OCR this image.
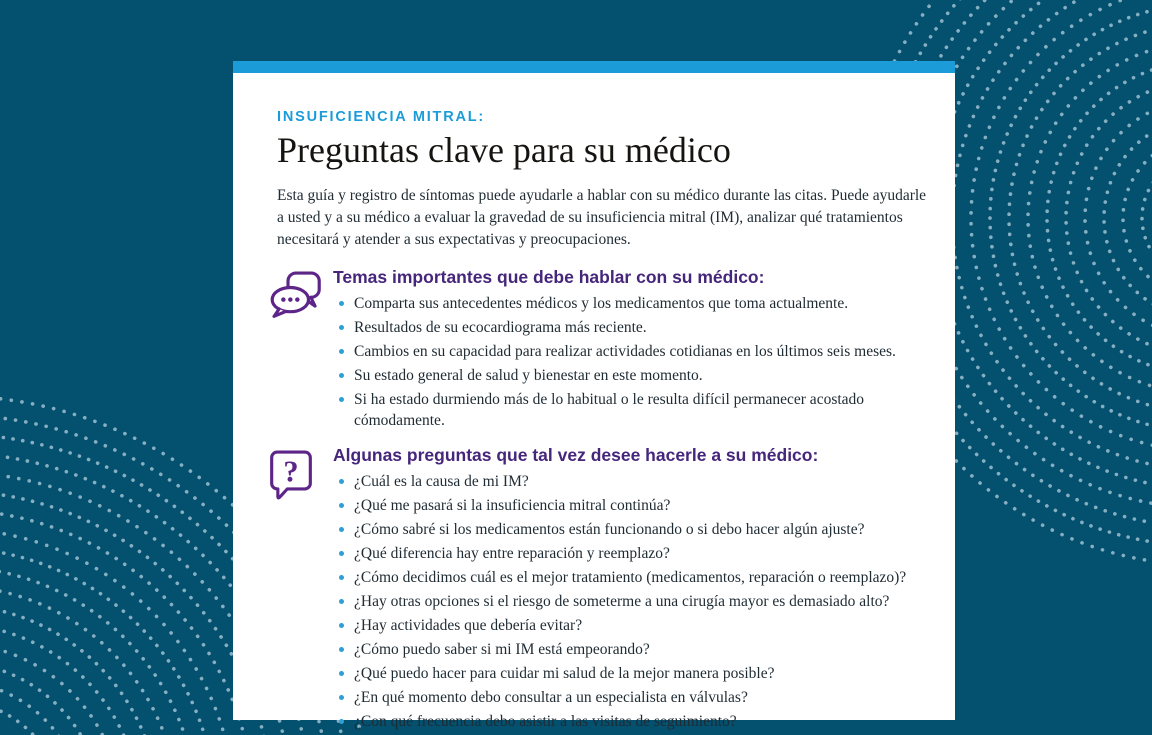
INSUFICIENCIA MITRAL:
Preguntas clave para su médico

Esta guía y registro de síntomas puede ayudarle a hablar con su médico durante las citas. Puede ayudarle a usted y a su médico a evaluar la gravedad de su insuficiencia mitral (IM), analizar qué tratamientos necesitará y atender a sus expectativas y preocupaciones.

Temas importantes que debe hablar con su médico:
Comparta sus antecedentes médicos y los medicamentos que toma actualmente.
Resultados de su ecocardiograma más reciente.
Cambios en su capacidad para realizar actividades cotidianas en los últimos seis meses.
Su estado general de salud y bienestar en este momento.
Si ha estado durmiendo más de lo habitual o le resulta difícil permanecer acostado cómodamente.
? Algunas preguntas que tal vez desee hacerle a su médico:
¿Cuál es la causa de mi IM?
¿Qué me pasará si la insuficiencia mitral continúa?
¿Cómo sabré si los medicamentos están funcionando o si debo hacer algún ajuste?
¿Qué diferencia hay entre reparación y reemplazo?
¿Cómo decidimos cuál es el mejor tratamiento (medicamentos, reparación o reemplazo)?
¿Hay otras opciones si el riesgo de someterme a una cirugía mayor es demasiado alto?
¿Hay actividades que debería evitar?
¿Cómo puedo saber si mi IM está empeorando?
¿Qué puedo hacer para cuidar mi salud de la mejor manera posible?
¿En qué momento debo consultar a un especialista en válvulas?
¿Con qué frecuencia debo asistir a las visitas de seguimiento?
